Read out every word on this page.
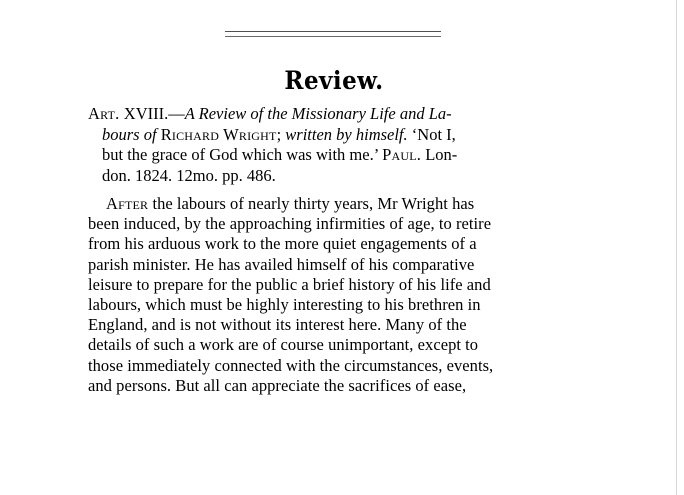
Review.
Art. XVIII.—A Review of the Missionary Life and La-
bours of Richard Wright; written by himself. ‘Not I,
but the grace of God which was with me.’ Paul. Lon-
don. 1824. 12mo. pp. 486.
After the labours of nearly thirty years, Mr Wright has
been induced, by the approaching infirmities of age, to retire
from his arduous work to the more quiet engagements of a
parish minister. He has availed himself of his comparative
leisure to prepare for the public a brief history of his life and
labours, which must be highly interesting to his brethren in
England, and is not without its interest here. Many of the
details of such a work are of course unimportant, except to
those immediately connected with the circumstances, events,
and persons. But all can appreciate the sacrifices of ease,
